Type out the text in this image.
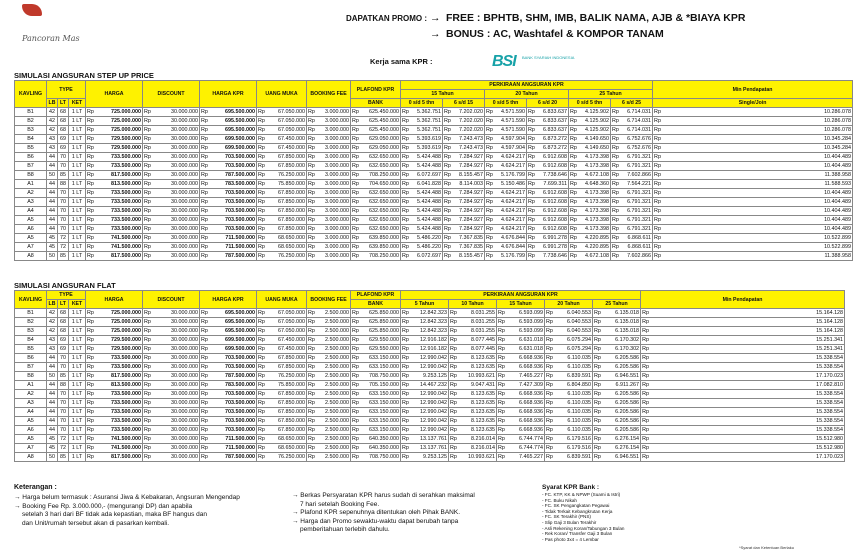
Pancoran Mas
DAPATKAN PROMO : → FREE : BPHTB, SHM, IMB, BALIK NAMA, AJB & *BIAYA KPR
→ BONUS : AC, Washtafel & KOMPOR TANAM
Kerja sama KPR :	BSI BANK SYARIAH INDONESIA
SIMULASI ANGSURAN STEP UP PRICE
KAVLING	TYPE			HARGA	DISCOUNT	HARGA KPR	UANG MUKA	BOOKING FEE	PLAFOND KPR	PERKIRAAN ANGSURAN KPR						Min Pendapatan
										15 Tahun		20 Tahun		25 Tahun		
	LB	LT	KET						BANK	0 s/d 5 thn	6 s/d 15	0 s/d 5 thn	6 s/d 20	0 s/d 5 thn	6 s/d 25	Single/Join
B1	42	68	1 LT	Rp 725.000.000	Rp 30.000.000	Rp 695.500.000	Rp 67.050.000	Rp 3.000.000	Rp 625.450.000	Rp 5.362.751	Rp 7.202.020	Rp 4.571.590	Rp 6.833.637	Rp 4.125.902	Rp 6.714.031	Rp 10.286.078

B2	42	68	1 LT	Rp 725.000.000	Rp 30.000.000	Rp 695.500.000	Rp 67.050.000	Rp 3.000.000	Rp 625.450.000	Rp 5.362.751	Rp 7.202.020	Rp 4.571.590	Rp 6.833.637	Rp 4.125.902	Rp 6.714.031	Rp 10.286.078

B3	42	68	1 LT	Rp 725.000.000	Rp 30.000.000	Rp 695.500.000	Rp 67.050.000	Rp 3.000.000	Rp 625.450.000	Rp 5.362.751	Rp 7.202.020	Rp 4.571.590	Rp 6.833.637	Rp 4.125.902	Rp 6.714.031	Rp 10.286.078

B4	43	69	1 LT	Rp 729.500.000	Rp 30.000.000	Rp 699.500.000	Rp 67.450.000	Rp 3.000.000	Rp 629.050.000	Rp 5.393.619	Rp 7.243.473	Rp 4.597.904	Rp 6.873.272	Rp 4.149.650	Rp 6.752.676	Rp 10.345.284

B5	43	69	1 LT	Rp 729.500.000	Rp 30.000.000	Rp 699.500.000	Rp 67.450.000	Rp 3.000.000	Rp 629.050.000	Rp 5.393.619	Rp 7.243.473	Rp 4.597.904	Rp 6.873.272	Rp 4.149.650	Rp 6.752.676	Rp 10.345.284

B6	44	70	1 LT	Rp 733.500.000	Rp 30.000.000	Rp 703.500.000	Rp 67.850.000	Rp 3.000.000	Rp 632.650.000	Rp 5.424.488	Rp 7.284.927	Rp 4.624.217	Rp 6.912.608	Rp 4.173.398	Rp 6.791.321	Rp 10.404.489

B7	44	70	1 LT	Rp 733.500.000	Rp 30.000.000	Rp 703.500.000	Rp 67.850.000	Rp 3.000.000	Rp 632.650.000	Rp 5.424.488	Rp 7.284.927	Rp 4.624.217	Rp 6.912.608	Rp 4.173.398	Rp 6.791.321	Rp 10.404.489

B8	50	85	1 LT	Rp 817.500.000	Rp 30.000.000	Rp 787.500.000	Rp 76.250.000	Rp 3.000.000	Rp 708.250.000	Rp 6.072.697	Rp 8.155.457	Rp 5.176.799	Rp 7.738.646	Rp 4.672.108	Rp 7.602.866	Rp 11.388.958

A1	44	88	1 LT	Rp 813.500.000	Rp 30.000.000	Rp 783.500.000	Rp 75.850.000	Rp 3.000.000	Rp 704.650.000	Rp 6.041.828	Rp 8.114.003	Rp 5.150.486	Rp 7.699.311	Rp 4.648.360	Rp 7.564.221	Rp 11.588.593

A2	44	70	1 LT	Rp 733.500.000	Rp 30.000.000	Rp 703.500.000	Rp 67.850.000	Rp 3.000.000	Rp 632.650.000	Rp 5.424.488	Rp 7.284.927	Rp 4.624.217	Rp 6.912.608	Rp 4.173.398	Rp 6.791.321	Rp 10.404.489

A3	44	70	1 LT	Rp 733.500.000	Rp 30.000.000	Rp 703.500.000	Rp 67.850.000	Rp 3.000.000	Rp 632.650.000	Rp 5.424.488	Rp 7.284.927	Rp 4.624.217	Rp 6.912.608	Rp 4.173.398	Rp 6.791.321	Rp 10.404.489

A4	44	70	1 LT	Rp 733.500.000	Rp 30.000.000	Rp 703.500.000	Rp 67.850.000	Rp 3.000.000	Rp 632.650.000	Rp 5.424.488	Rp 7.284.927	Rp 4.624.217	Rp 6.912.608	Rp 4.173.398	Rp 6.791.321	Rp 10.404.489

A5	44	70	1 LT	Rp 733.500.000	Rp 30.000.000	Rp 703.500.000	Rp 67.850.000	Rp 3.000.000	Rp 632.650.000	Rp 5.424.488	Rp 7.284.927	Rp 4.624.217	Rp 6.912.608	Rp 4.173.398	Rp 6.791.321	Rp 10.404.489

A6	44	70	1 LT	Rp 733.500.000	Rp 30.000.000	Rp 703.500.000	Rp 67.850.000	Rp 3.000.000	Rp 632.650.000	Rp 5.424.488	Rp 7.284.927	Rp 4.624.217	Rp 6.912.608	Rp 4.173.398	Rp 6.791.321	Rp 10.404.489

A5	45	72	1 LT	Rp 741.500.000	Rp 30.000.000	Rp 711.500.000	Rp 68.650.000	Rp 3.000.000	Rp 639.850.000	Rp 5.486.220	Rp 7.367.835	Rp 4.676.844	Rp 6.991.278	Rp 4.220.895	Rp 6.868.611	Rp 10.522.899

A7	45	72	1 LT	Rp 741.500.000	Rp 30.000.000	Rp 711.500.000	Rp 68.650.000	Rp 3.000.000	Rp 639.850.000	Rp 5.486.220	Rp 7.367.835	Rp 4.676.844	Rp 6.991.278	Rp 4.220.895	Rp 6.868.611	Rp 10.522.899

A8	50	85	1 LT	Rp 817.500.000	Rp 30.000.000	Rp 787.500.000	Rp 76.250.000	Rp 3.000.000	Rp 708.250.000	Rp 6.072.697	Rp 8.155.457	Rp 5.176.799	Rp 7.738.646	Rp 4.672.108	Rp 7.602.866	Rp 11.388.958
SIMULASI ANGSURAN FLAT
KAVLING	TYPE			HARGA	DISCOUNT	HARGA KPR	UANG MUKA	BOOKING FEE	PLAFOND KPR	PERKIRAAN ANGSURAN KPR					Min Pendapatan
										5 Tahun	10 Tahun	15 Tahun	20 Tahun	25 Tahun	
	LB	LT	KET						BANK						
B1	42	68	1 LT	Rp 725.000.000	Rp 30.000.000	Rp 695.500.000	Rp 67.050.000	Rp 2.500.000	Rp 625.850.000	Rp 12.842.323	Rp 8.031.255	Rp 6.593.099	Rp 6.040.553	Rp 6.135.018	Rp 15.164.128

B2	42	68	1 LT	Rp 725.000.000	Rp 30.000.000	Rp 695.500.000	Rp 67.050.000	Rp 2.500.000	Rp 625.850.000	Rp 12.842.323	Rp 8.031.255	Rp 6.593.099	Rp 6.040.553	Rp 6.135.018	Rp 15.164.128

B3	42	68	1 LT	Rp 725.000.000	Rp 30.000.000	Rp 695.500.000	Rp 67.050.000	Rp 2.500.000	Rp 625.850.000	Rp 12.842.323	Rp 8.031.255	Rp 6.593.099	Rp 6.040.553	Rp 6.135.018	Rp 15.164.128

B4	43	69	1 LT	Rp 729.500.000	Rp 30.000.000	Rp 699.500.000	Rp 67.450.000	Rp 2.500.000	Rp 629.550.000	Rp 12.916.182	Rp 8.077.445	Rp 6.631.018	Rp 6.075.294	Rp 6.170.302	Rp 15.251.341

B5	43	69	1 LT	Rp 729.500.000	Rp 30.000.000	Rp 699.500.000	Rp 67.450.000	Rp 2.500.000	Rp 629.550.000	Rp 12.916.182	Rp 8.077.445	Rp 6.631.018	Rp 6.075.294	Rp 6.170.302	Rp 15.251.341

B6	44	70	1 LT	Rp 733.500.000	Rp 30.000.000	Rp 703.500.000	Rp 67.850.000	Rp 2.500.000	Rp 633.150.000	Rp 12.990.042	Rp 8.123.635	Rp 6.668.936	Rp 6.110.035	Rp 6.205.586	Rp 15.338.554

B7	44	70	1 LT	Rp 733.500.000	Rp 30.000.000	Rp 703.500.000	Rp 67.850.000	Rp 2.500.000	Rp 633.150.000	Rp 12.990.042	Rp 8.123.635	Rp 6.668.936	Rp 6.110.035	Rp 6.205.586	Rp 15.338.554

B8	50	85	1 LT	Rp 817.500.000	Rp 30.000.000	Rp 787.500.000	Rp 76.250.000	Rp 2.500.000	Rp 708.750.000	Rp 9.253.125	Rp 10.993.621	Rp 7.465.227	Rp 6.839.591	Rp 6.946.551	Rp 17.170.023

A1	44	88	1 LT	Rp 813.500.000	Rp 30.000.000	Rp 783.500.000	Rp 75.850.000	Rp 2.500.000	Rp 705.150.000	Rp 14.467.232	Rp 9.047.431	Rp 7.427.309	Rp 6.804.850	Rp 6.911.267	Rp 17.082.810

A2	44	70	1 LT	Rp 733.500.000	Rp 30.000.000	Rp 703.500.000	Rp 67.850.000	Rp 2.500.000	Rp 633.150.000	Rp 12.990.042	Rp 8.123.635	Rp 6.668.936	Rp 6.110.035	Rp 6.205.586	Rp 15.338.554

A3	44	70	1 LT	Rp 733.500.000	Rp 30.000.000	Rp 703.500.000	Rp 67.850.000	Rp 2.500.000	Rp 633.150.000	Rp 12.990.042	Rp 8.123.635	Rp 6.668.936	Rp 6.110.035	Rp 6.205.586	Rp 15.338.554

A4	44	70	1 LT	Rp 733.500.000	Rp 30.000.000	Rp 703.500.000	Rp 67.850.000	Rp 2.500.000	Rp 633.150.000	Rp 12.990.042	Rp 8.123.635	Rp 6.668.936	Rp 6.110.035	Rp 6.205.586	Rp 15.338.554

A5	44	70	1 LT	Rp 733.500.000	Rp 30.000.000	Rp 703.500.000	Rp 67.850.000	Rp 2.500.000	Rp 633.150.000	Rp 12.990.042	Rp 8.123.635	Rp 6.668.936	Rp 6.110.035	Rp 6.205.586	Rp 15.338.554

A6	44	70	1 LT	Rp 733.500.000	Rp 30.000.000	Rp 703.500.000	Rp 67.850.000	Rp 2.500.000	Rp 633.150.000	Rp 12.990.042	Rp 8.123.635	Rp 6.668.936	Rp 6.110.035	Rp 6.205.586	Rp 15.338.554

A5	45	72	1 LT	Rp 741.500.000	Rp 30.000.000	Rp 711.500.000	Rp 68.650.000	Rp 2.500.000	Rp 640.350.000	Rp 13.137.761	Rp 8.216.014	Rp 6.744.774	Rp 6.179.516	Rp 6.276.154	Rp 15.512.980

A7	45	72	1 LT	Rp 741.500.000	Rp 30.000.000	Rp 711.500.000	Rp 68.650.000	Rp 2.500.000	Rp 640.350.000	Rp 13.137.761	Rp 8.216.014	Rp 6.744.774	Rp 6.179.516	Rp 6.276.154	Rp 15.512.980

A8	50	85	1 LT	Rp 817.500.000	Rp 30.000.000	Rp 787.500.000	Rp 76.250.000	Rp 2.500.000	Rp 708.750.000	Rp 9.253.125	Rp 10.993.621	Rp 7.465.227	Rp 6.839.591	Rp 6.946.551	Rp 17.170.023
Keterangan :
→ Harga belum termasuk : Asuransi Jiwa & Kebakaran, Angsuran Mengendap
→ Booking Fee Rp. 3.000.000,- (mengurangi DP) dan apabila
setelah 3 hari dari BF tidak ada kepastian, maka BF hangus dan
dan Unit/rumah tersebut akan di pasarkan kembali.
→ Berkas Persyaratan KPR harus sudah di serahkan maksimal
7 hari setelah Booking Fee.
→ Plafond KPR sepenuhnya ditentukan oleh Pihak BANK.
→ Harga dan Promo sewaktu-waktu dapat berubah tanpa
pemberitahuan terlebih dahulu.
Syarat KPR Bank :
- FC. KTP, KK & NPWP (Suami & Istri)
- FC. Buku Nikah
- FC. SK Pengangkatan Pegawai
- Tidak Terkait Kebangkrutan Kerja
- FC. SK Terakhir (PNS)
- Slip Gaji 3 Bulan Terakhir
- Asli Rekening Koran/Tabungan 3 Bulan
- Rek Koran/ Transfer Gaji 3 Bulan
- Pas photo 3x4 = 4 Lembar
*Syarat dan Ketentuan Berlaku
